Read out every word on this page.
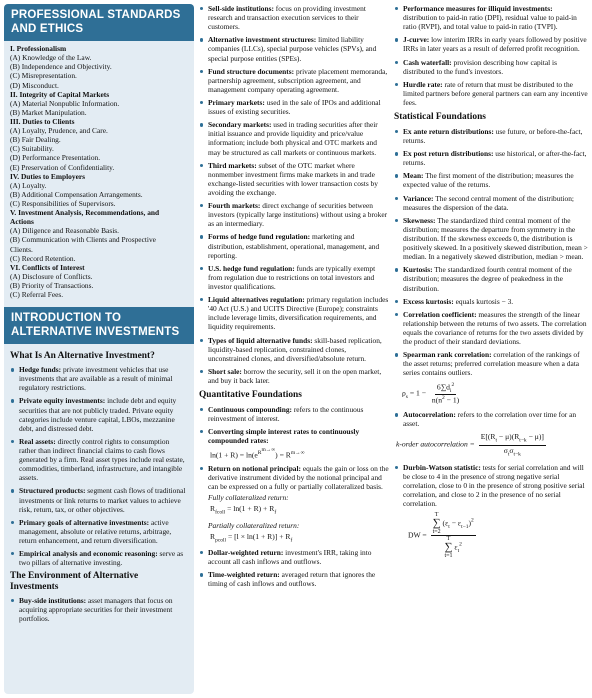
PROFESSIONAL STANDARDS
AND ETHICS
I. Professionalism
(A) Knowledge of the Law.
(B) Independence and Objectivity.
(C) Misrepresentation.
(D) Misconduct.
II. Integrity of Capital Markets
(A) Material Nonpublic Information.
(B) Market Manipulation.
III. Duties to Clients
(A) Loyalty, Prudence, and Care.
(B) Fair Dealing.
(C) Suitability.
(D) Performance Presentation.
(E) Preservation of Confidentiality.
IV. Duties to Employers
(A) Loyalty.
(B) Additional Compensation Arrangements.
(C) Responsibilities of Supervisors.
V. Investment Analysis, Recommendations, and
Actions
(A) Diligence and Reasonable Basis.
(B) Communication with Clients and Prospective
Clients.
(C) Record Retention.
VI. Conflicts of Interest
(A) Disclosure of Conflicts.
(B) Priority of Transactions.
(C) Referral Fees.
INTRODUCTION TO
ALTERNATIVE INVESTMENTS
What Is An Alternative Investment?
Hedge funds: private investment vehicles that use investments that are available as a result of minimal regulatory restrictions.
Private equity investments: include debt and equity securities that are not publicly traded. Private equity categories include venture capital, LBOs, mezzanine debt, and distressed debt.
Real assets: directly control rights to consumption rather than indirect financial claims to cash flows generated by a firm. Real asset types include real estate, commodities, timberland, infrastructure, and intangible assets.
Structured products: segment cash flows of traditional investments or link returns to market values to achieve risk, return, tax, or other objectives.
Primary goals of alternative investments: active management, absolute or relative returns, arbitrage, return enhancement, and return diversification.
Empirical analysis and economic reasoning: serve as two pillars of alternative investing.
The Environment of Alternative
Investments
Buy-side institutions: asset managers that focus on acquiring appropriate securities for their investment portfolios.
Sell-side institutions: focus on providing investment research and transaction execution services to their customers.
Alternative investment structures: limited liability companies (LLCs), special purpose vehicles (SPVs), and special purpose entities (SPEs).
Fund structure documents: private placement memoranda, partnership agreement, subscription agreement, and management company operating agreement.
Primary markets: used in the sale of IPOs and additional issues of existing securities.
Secondary markets: used in trading securities after their initial issuance and provide liquidity and price/value information; include both physical and OTC markets and may be structured as call markets or continuous markets.
Third markets: subset of the OTC market where nonmember investment firms make markets in and trade exchange-listed securities with lower transaction costs by avoiding the exchange.
Fourth markets: direct exchange of securities between investors (typically large institutions) without using a broker as an intermediary.
Forms of hedge fund regulation: marketing and distribution, establishment, operational, management, and reporting.
U.S. hedge fund regulation: funds are typically exempt from regulation due to restrictions on total investors and investor qualifications.
Liquid alternatives regulation: primary regulation includes '40 Act (U.S.) and UCITS Directive (Europe); constraints include leverage limits, diversification requirements, and liquidity requirements.
Types of liquid alternative funds: skill-based replication, liquidity-based replication, constrained clones, unconstrained clones, and diversified/absolute return.
Short sale: borrow the security, sell it on the open market, and buy it back later.
Quantitative Foundations
Continuous compounding: refers to the continuous reinvestment of interest.
Converting simple interest rates to continuously compounded rates:
$\ln(1 + R) = \ln(e^{R^{m\to\infty}}) = R^{m\to\infty}$
Return on notional principal: equals the gain or loss on the derivative instrument divided by the notional principal and can be expressed on a fully or partially collateralized basis.
Fully collateralized return:
$R_{fcoll} = \ln(1 + R) + R_f$
Partially collateralized return:
$R_{pcoll} = [l \times \ln(1 + R)] + R_f$
Dollar-weighted return: investment's IRR, taking into account all cash inflows and outflows.
Time-weighted return: averaged return that ignores the timing of cash inflows and outflows.
Performance measures for illiquid investments: distribution to paid-in ratio (DPI), residual value to paid-in ratio (RVPI), and total value to paid-in ratio (TVPI).
J-curve: low interim IRRs in early years followed by positive IRRs in later years as a result of deferred profit recognition.
Cash waterfall: provision describing how capital is distributed to the fund's investors.
Hurdle rate: rate of return that must be distributed to the limited partners before general partners can earn any incentive fees.
Statistical Foundations
Ex ante return distributions: use future, or before-the-fact, returns.
Ex post return distributions: use historical, or after-the-fact, returns.
Mean: The first moment of the distribution; measures the expected value of the returns.
Variance: The second central moment of the distribution; measures the dispersion of the data.
Skewness: The standardized third central moment of the distribution; measures the departure from symmetry in the distribution. If the skewness exceeds 0, the distribution is positively skewed. In a positively skewed distribution, mean > median. In a negatively skewed distribution, median > mean.
Kurtosis: The standardized fourth central moment of the distribution; measures the degree of peakedness in the distribution.
Excess kurtosis: equals kurtosis − 3.
Correlation coefficient: measures the strength of the linear relationship between the returns of two assets. The correlation equals the covariance of returns for the two assets divided by the product of their standard deviations.
Spearman rank correlation: correlation of the rankings of the asset returns; preferred correlation measure when a data series contains outliers.
$\rho_s = 1 - \frac{6\sum d_i^2}{n(n^2 - 1)}$
Autocorrelation: refers to the correlation over time for an asset.
k-order autocorrelation = $\frac{E[(R_t - \mu)(R_{t-k} - \mu)]}{\sigma_t\sigma_{t-k}}$
Durbin-Watson statistic: tests for serial correlation and will be close to 4 in the presence of strong negative serial correlation, close to 0 in the presence of strong positive serial correlation, and close to 2 in the presence of no serial correlation.
DW = T
∑
t=2
$(\varepsilon_t - \varepsilon_{t-1})^2$
T
∑
t=1
$\varepsilon_t^2$
